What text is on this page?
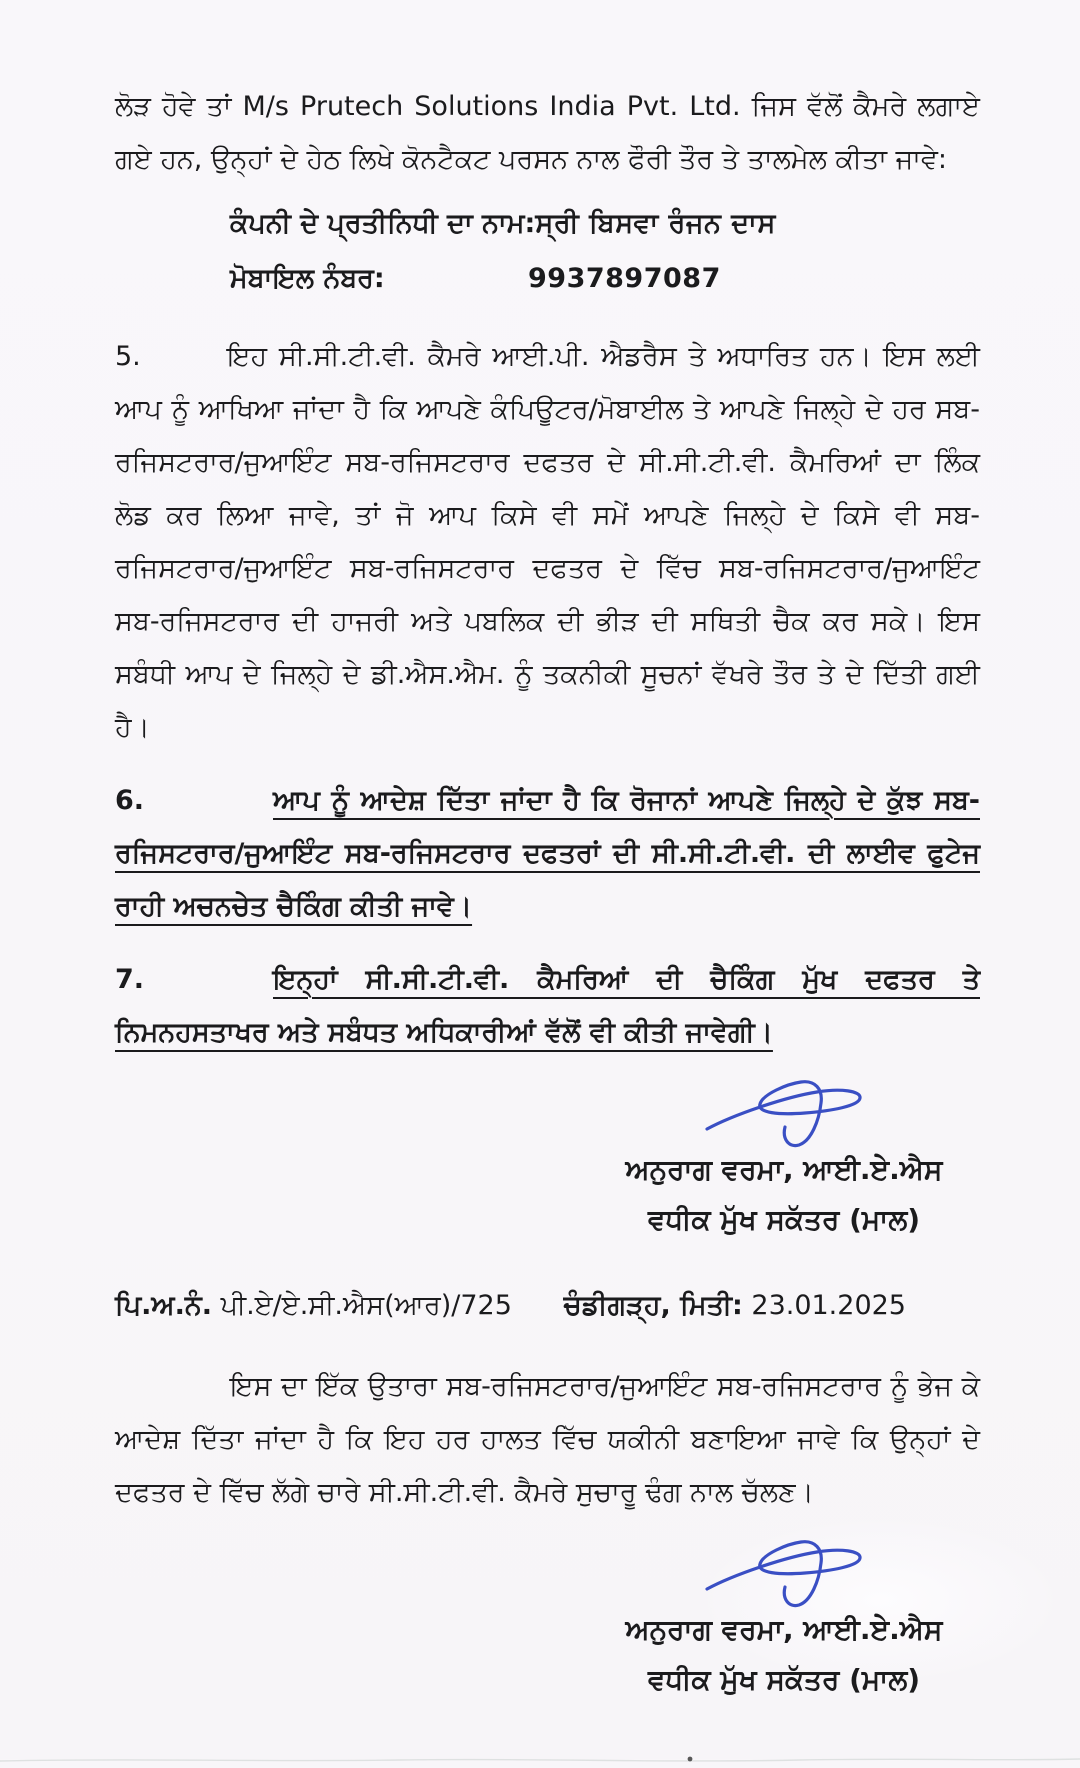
ਲੋੜ ਹੋਵੇ ਤਾਂ M/s Prutech Solutions India Pvt. Ltd. ਜਿਸ ਵੱਲੋਂ ਕੈਮਰੇ ਲਗਾਏ ਗਏ ਹਨ, ਉਨ੍ਹਾਂ ਦੇ ਹੇਠ ਲਿਖੇ ਕੋਨਟੈਕਟ ਪਰਸਨ ਨਾਲ ਫੌਰੀ ਤੌਰ ਤੇ ਤਾਲਮੇਲ ਕੀਤਾ ਜਾਵੇ:

ਕੰਪਨੀ ਦੇ ਪ੍ਰਤੀਨਿਧੀ ਦਾ ਨਾਮ: ਸ੍ਰੀ ਬਿਸਵਾ ਰੰਜਨ ਦਾਸ
ਮੋਬਾਇਲ ਨੰਬਰ:	9937897087

5.	ਇਹ ਸੀ.ਸੀ.ਟੀ.ਵੀ. ਕੈਮਰੇ ਆਈ.ਪੀ. ਐਡਰੈਸ ਤੇ ਅਧਾਰਿਤ ਹਨ। ਇਸ ਲਈ ਆਪ ਨੂੰ ਆਖਿਆ ਜਾਂਦਾ ਹੈ ਕਿ ਆਪਣੇ ਕੰਪਿਊਟਰ/ਮੋਬਾਈਲ ਤੇ ਆਪਣੇ ਜਿਲ੍ਹੇ ਦੇ ਹਰ ਸਬ-ਰਜਿਸਟਰਾਰ/ਜੁਆਇੰਟ ਸਬ-ਰਜਿਸਟਰਾਰ ਦਫਤਰ ਦੇ ਸੀ.ਸੀ.ਟੀ.ਵੀ. ਕੈਮਰਿਆਂ ਦਾ ਲਿੰਕ ਲੋਡ ਕਰ ਲਿਆ ਜਾਵੇ, ਤਾਂ ਜੋ ਆਪ ਕਿਸੇ ਵੀ ਸਮੇਂ ਆਪਣੇ ਜਿਲ੍ਹੇ ਦੇ ਕਿਸੇ ਵੀ ਸਬ-ਰਜਿਸਟਰਾਰ/ਜੁਆਇੰਟ ਸਬ-ਰਜਿਸਟਰਾਰ ਦਫਤਰ ਦੇ ਵਿੱਚ ਸਬ-ਰਜਿਸਟਰਾਰ/ਜੁਆਇੰਟ ਸਬ-ਰਜਿਸਟਰਾਰ ਦੀ ਹਾਜਰੀ ਅਤੇ ਪਬਲਿਕ ਦੀ ਭੀੜ ਦੀ ਸਥਿਤੀ ਚੈਕ ਕਰ ਸਕੇ। ਇਸ ਸਬੰਧੀ ਆਪ ਦੇ ਜਿਲ੍ਹੇ ਦੇ ਡੀ.ਐਸ.ਐਮ. ਨੂੰ ਤਕਨੀਕੀ ਸੂਚਨਾਂ ਵੱਖਰੇ ਤੌਰ ਤੇ ਦੇ ਦਿੱਤੀ ਗਈ ਹੈ।

6.	ਆਪ ਨੂੰ ਆਦੇਸ਼ ਦਿੱਤਾ ਜਾਂਦਾ ਹੈ ਕਿ ਰੋਜਾਨਾਂ ਆਪਣੇ ਜਿਲ੍ਹੇ ਦੇ ਕੁੱਝ ਸਬ-ਰਜਿਸਟਰਾਰ/ਜੁਆਇੰਟ ਸਬ-ਰਜਿਸਟਰਾਰ ਦਫਤਰਾਂ ਦੀ ਸੀ.ਸੀ.ਟੀ.ਵੀ. ਦੀ ਲਾਈਵ ਫੁਟੇਜ ਰਾਹੀ ਅਚਨਚੇਤ ਚੈਕਿੰਗ ਕੀਤੀ ਜਾਵੇ।

7.	ਇਨ੍ਹਾਂ ਸੀ.ਸੀ.ਟੀ.ਵੀ. ਕੈਮਰਿਆਂ ਦੀ ਚੈਕਿੰਗ ਮੁੱਖ ਦਫਤਰ ਤੇ ਨਿਮਨਹਸਤਾਖਰ ਅਤੇ ਸਬੰਧਤ ਅਧਿਕਾਰੀਆਂ ਵੱਲੋਂ ਵੀ ਕੀਤੀ ਜਾਵੇਗੀ।

ਅਨੁਰਾਗ ਵਰਮਾ, ਆਈ.ਏ.ਐਸ
ਵਧੀਕ ਮੁੱਖ ਸਕੱਤਰ (ਮਾਲ)
ਪਿ.ਅ.ਨੰ. ਪੀ.ਏ/ਏ.ਸੀ.ਐਸ(ਆਰ)/725 ਚੰਡੀਗੜ੍ਹ, ਮਿਤੀ: 23.01.2025

ਇਸ ਦਾ ਇੱਕ ਉਤਾਰਾ ਸਬ-ਰਜਿਸਟਰਾਰ/ਜੁਆਇੰਟ ਸਬ-ਰਜਿਸਟਰਾਰ ਨੂੰ ਭੇਜ ਕੇ ਆਦੇਸ਼ ਦਿੱਤਾ ਜਾਂਦਾ ਹੈ ਕਿ ਇਹ ਹਰ ਹਾਲਤ ਵਿੱਚ ਯਕੀਨੀ ਬਣਾਇਆ ਜਾਵੇ ਕਿ ਉਨ੍ਹਾਂ ਦੇ ਦਫਤਰ ਦੇ ਵਿੱਚ ਲੱਗੇ ਚਾਰੇ ਸੀ.ਸੀ.ਟੀ.ਵੀ. ਕੈਮਰੇ ਸੁਚਾਰੂ ਢੰਗ ਨਾਲ ਚੱਲਣ।

ਅਨੁਰਾਗ ਵਰਮਾ, ਆਈ.ਏ.ਐਸ
ਵਧੀਕ ਮੁੱਖ ਸਕੱਤਰ (ਮਾਲ)
